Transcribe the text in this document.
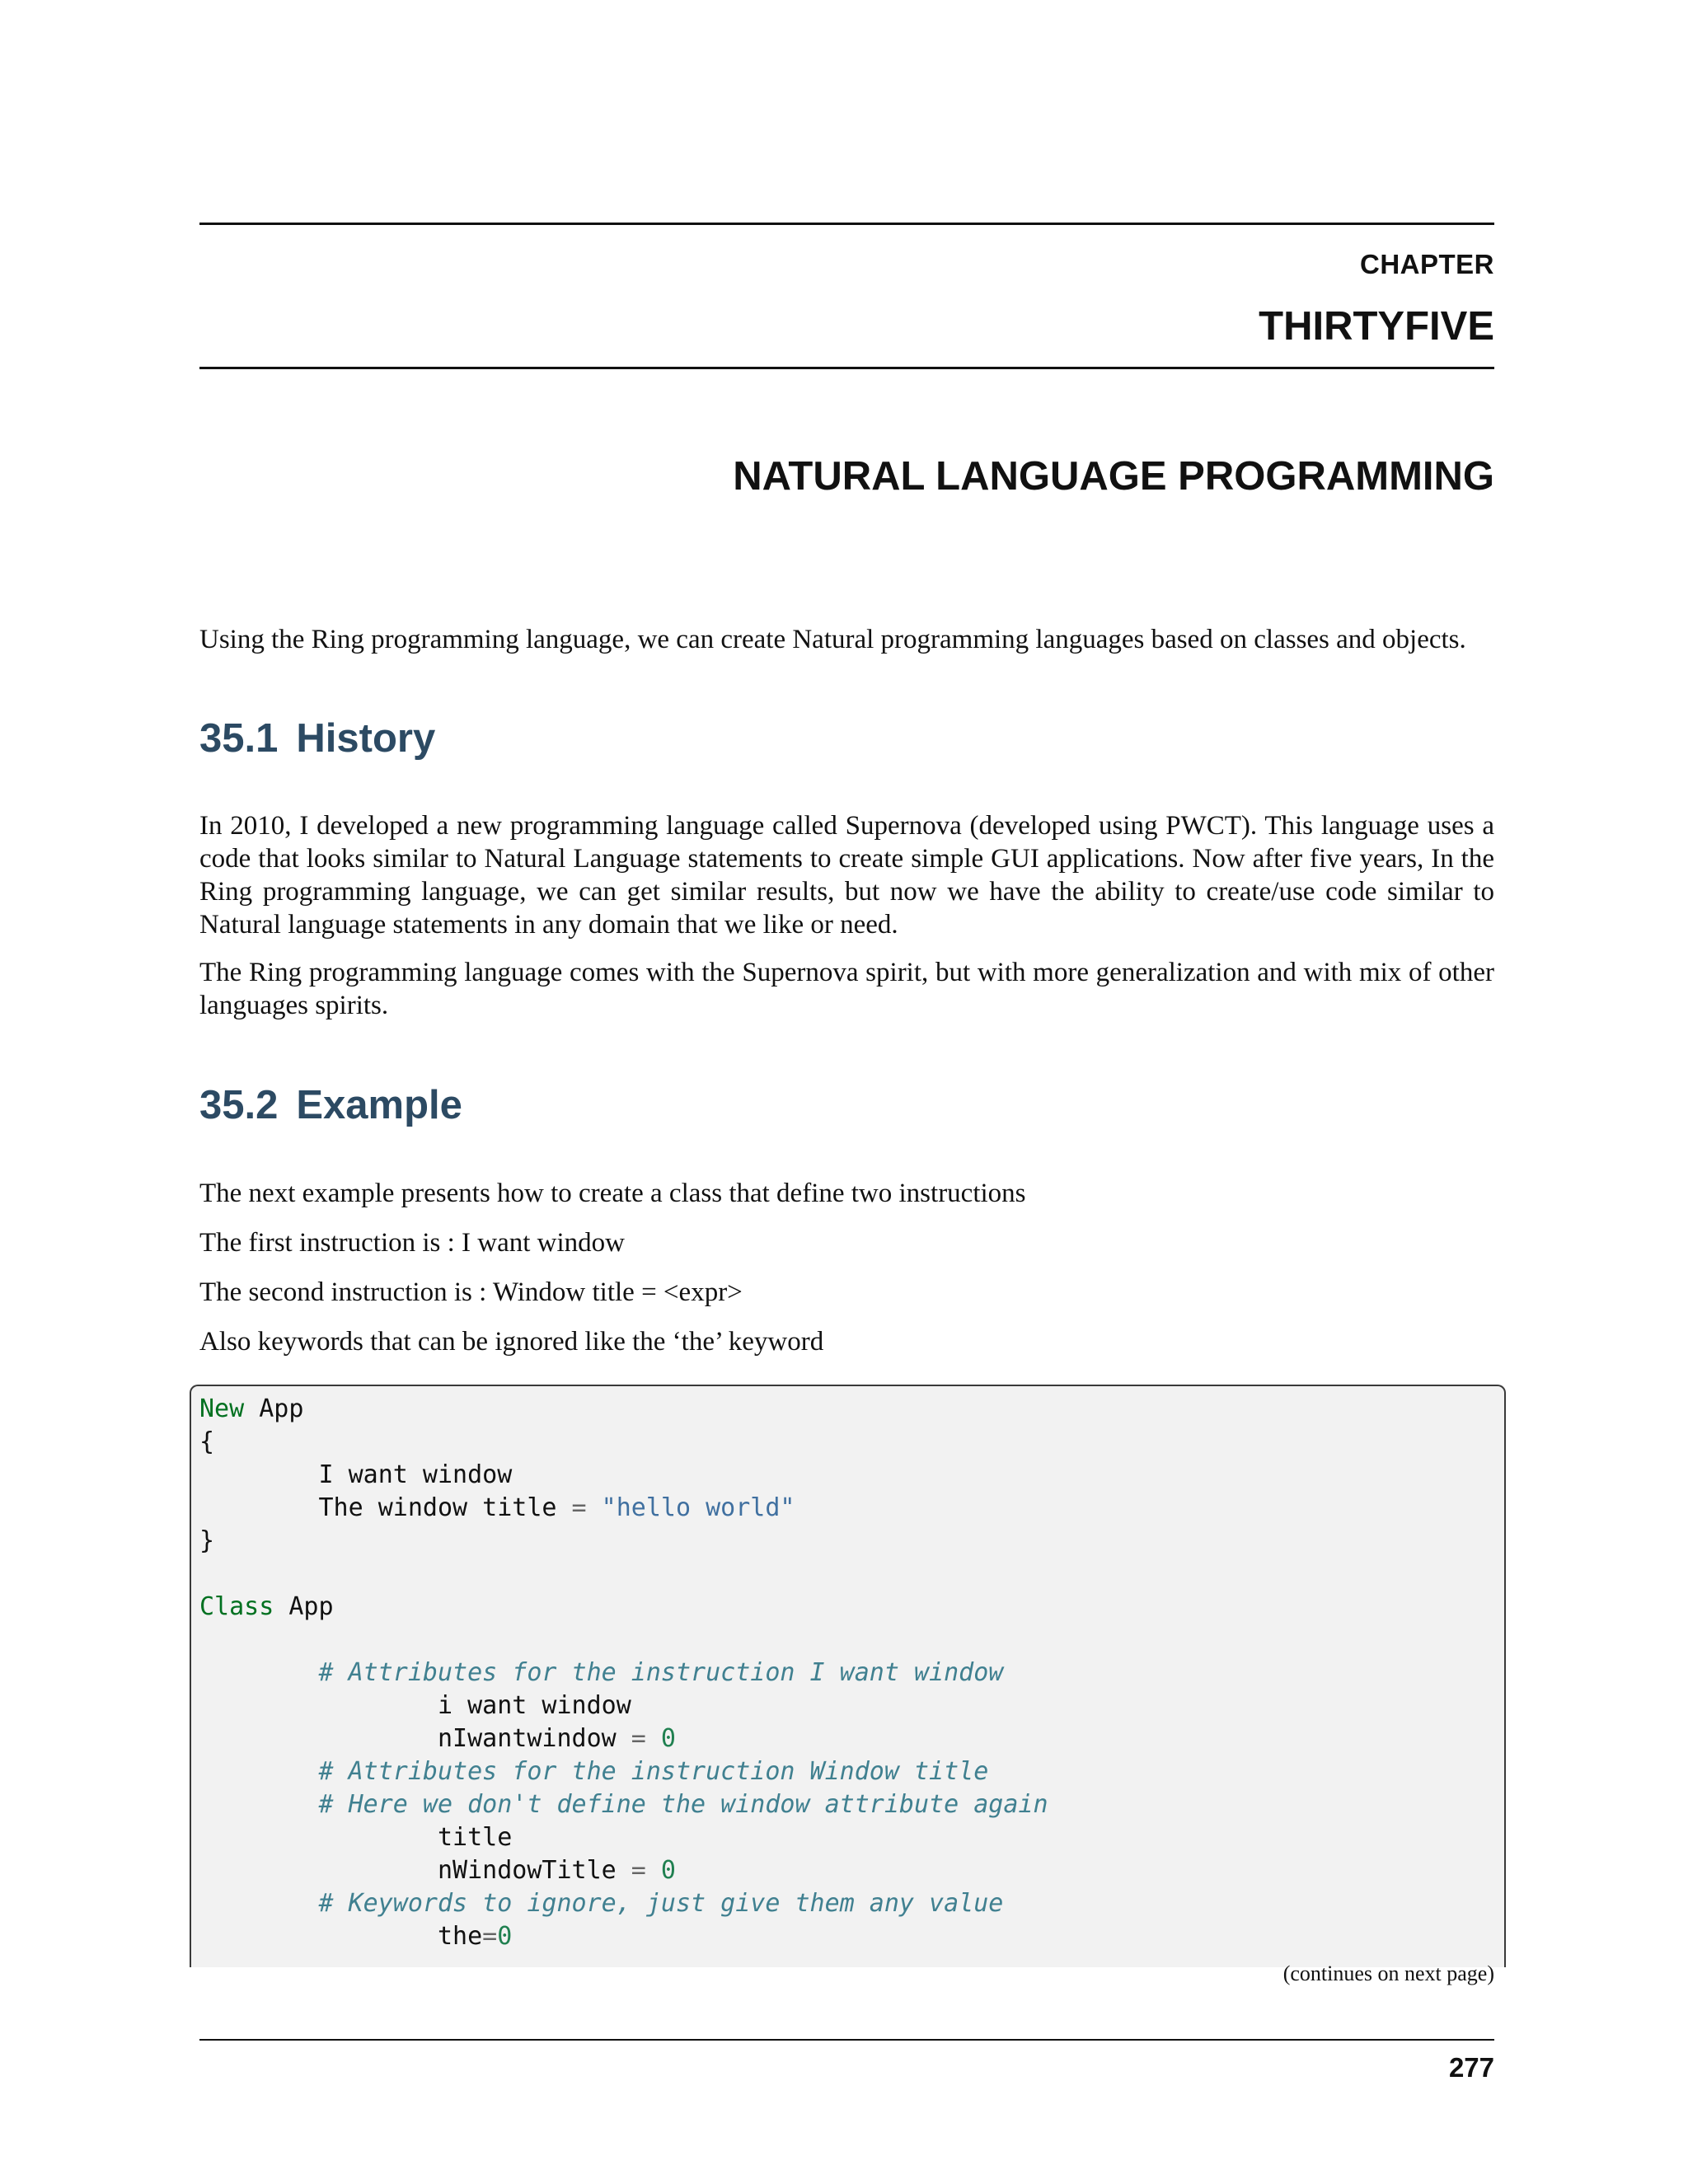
CHAPTER
THIRTYFIVE
NATURAL LANGUAGE PROGRAMMING

Using the Ring programming language, we can create Natural programming languages based on classes and objects.

35.1 History

In 2010, I developed a new programming language called Supernova (developed using PWCT). This language uses a code that looks similar to Natural Language statements to create simple GUI applications. Now after five years, In the Ring programming language, we can get similar results, but now we have the ability to create/use code similar to Natural language statements in any domain that we like or need.

The Ring programming language comes with the Supernova spirit, but with more generalization and with mix of other languages spirits.

35.2 Example

The next example presents how to create a class that define two instructions

The first instruction is : I want window

The second instruction is : Window title = <expr>

Also keywords that can be ignored like the ‘the’ keyword

New App
{
I want window
The window title = "hello world"
}
Class App
# Attributes for the instruction I want window
i want window
nIwantwindow = 0
# Attributes for the instruction Window title
# Here we don't define the window attribute again
title
nWindowTitle = 0
# Keywords to ignore, just give them any value
the=0
(continues on next page)
277
